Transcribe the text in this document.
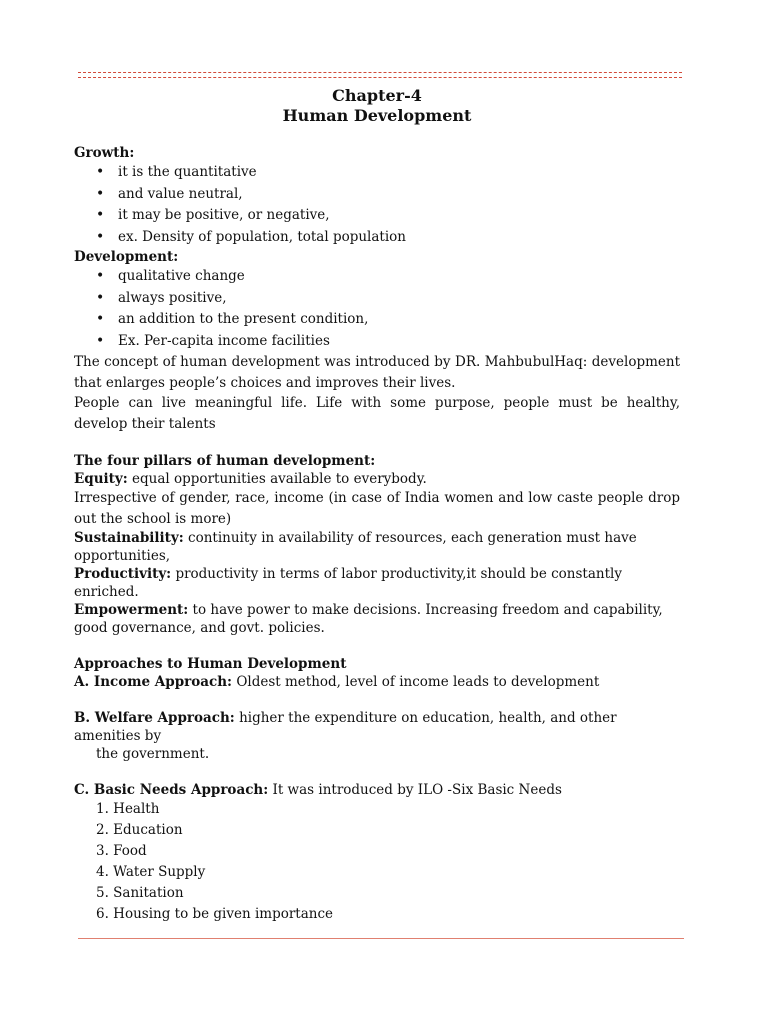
Chapter-4
Human Development
Growth:
• it is the quantitative
• and value neutral,
• it may be positive, or negative,
• ex. Density of population, total population
Development:
• qualitative change
• always positive,
• an addition to the present condition,
• Ex. Per-capita income facilities
The concept of human development was introduced by DR. MahbubulHaq: development that enlarges people’s choices and improves their lives.
People can live meaningful life. Life with some purpose, people must be healthy, develop their talents
The four pillars of human development:
Equity: equal opportunities available to everybody.
Irrespective of gender, race, income (in case of India women and low caste people drop out the school is more)
Sustainability: continuity in availability of resources, each generation must have opportunities,
Productivity: productivity in terms of labor productivity,it should be constantly enriched.
Empowerment: to have power to make decisions. Increasing freedom and capability, good governance, and govt. policies.
Approaches to Human Development
A. Income Approach: Oldest method, level of income leads to development
B. Welfare Approach: higher the expenditure on education, health, and other amenities by
the government.
C. Basic Needs Approach: It was introduced by ILO -Six Basic Needs
1. Health
2. Education
3. Food
4. Water Supply
5. Sanitation
6. Housing to be given importance
